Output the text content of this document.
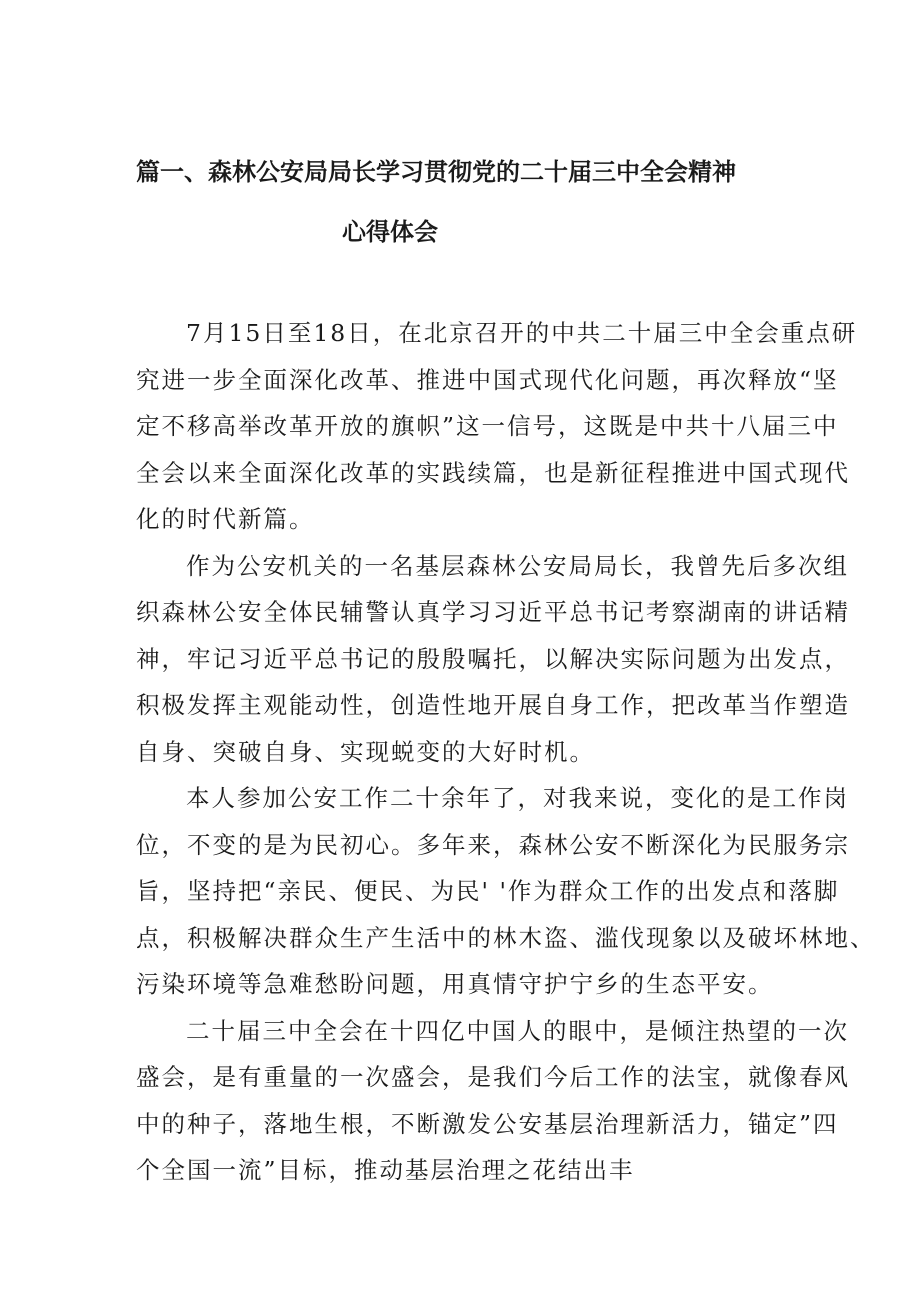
篇一、森林公安局局长学习贯彻党的二十届三中全会精神
心得体会
7月15日至18日，在北京召开的中共二十届三中全会重点研
究进一步全面深化改革、推进中国式现代化问题，再次释放“坚
定不移高举改革开放的旗帜”这一信号，这既是中共十八届三中
全会以来全面深化改革的实践续篇，也是新征程推进中国式现代
化的时代新篇。
作为公安机关的一名基层森林公安局局长，我曾先后多次组
织森林公安全体民辅警认真学习习近平总书记考察湖南的讲话精
神，牢记习近平总书记的殷殷嘱托，以解决实际问题为出发点，
积极发挥主观能动性，创造性地开展自身工作，把改革当作塑造
自身、突破自身、实现蜕变的大好时机。
本人参加公安工作二十余年了，对我来说，变化的是工作岗
位，不变的是为民初心。多年来，森林公安不断深化为民服务宗
旨，坚持把“亲民、便民、为民' '作为群众工作的出发点和落脚
点，积极解决群众生产生活中的林木盗、滥伐现象以及破坏林地、
污染环境等急难愁盼问题，用真情守护宁乡的生态平安。
二十届三中全会在十四亿中国人的眼中，是倾注热望的一次
盛会，是有重量的一次盛会，是我们今后工作的法宝，就像春风
中的种子，落地生根，不断激发公安基层治理新活力，锚定”四
个全国一流”目标，推动基层治理之花结出丰
